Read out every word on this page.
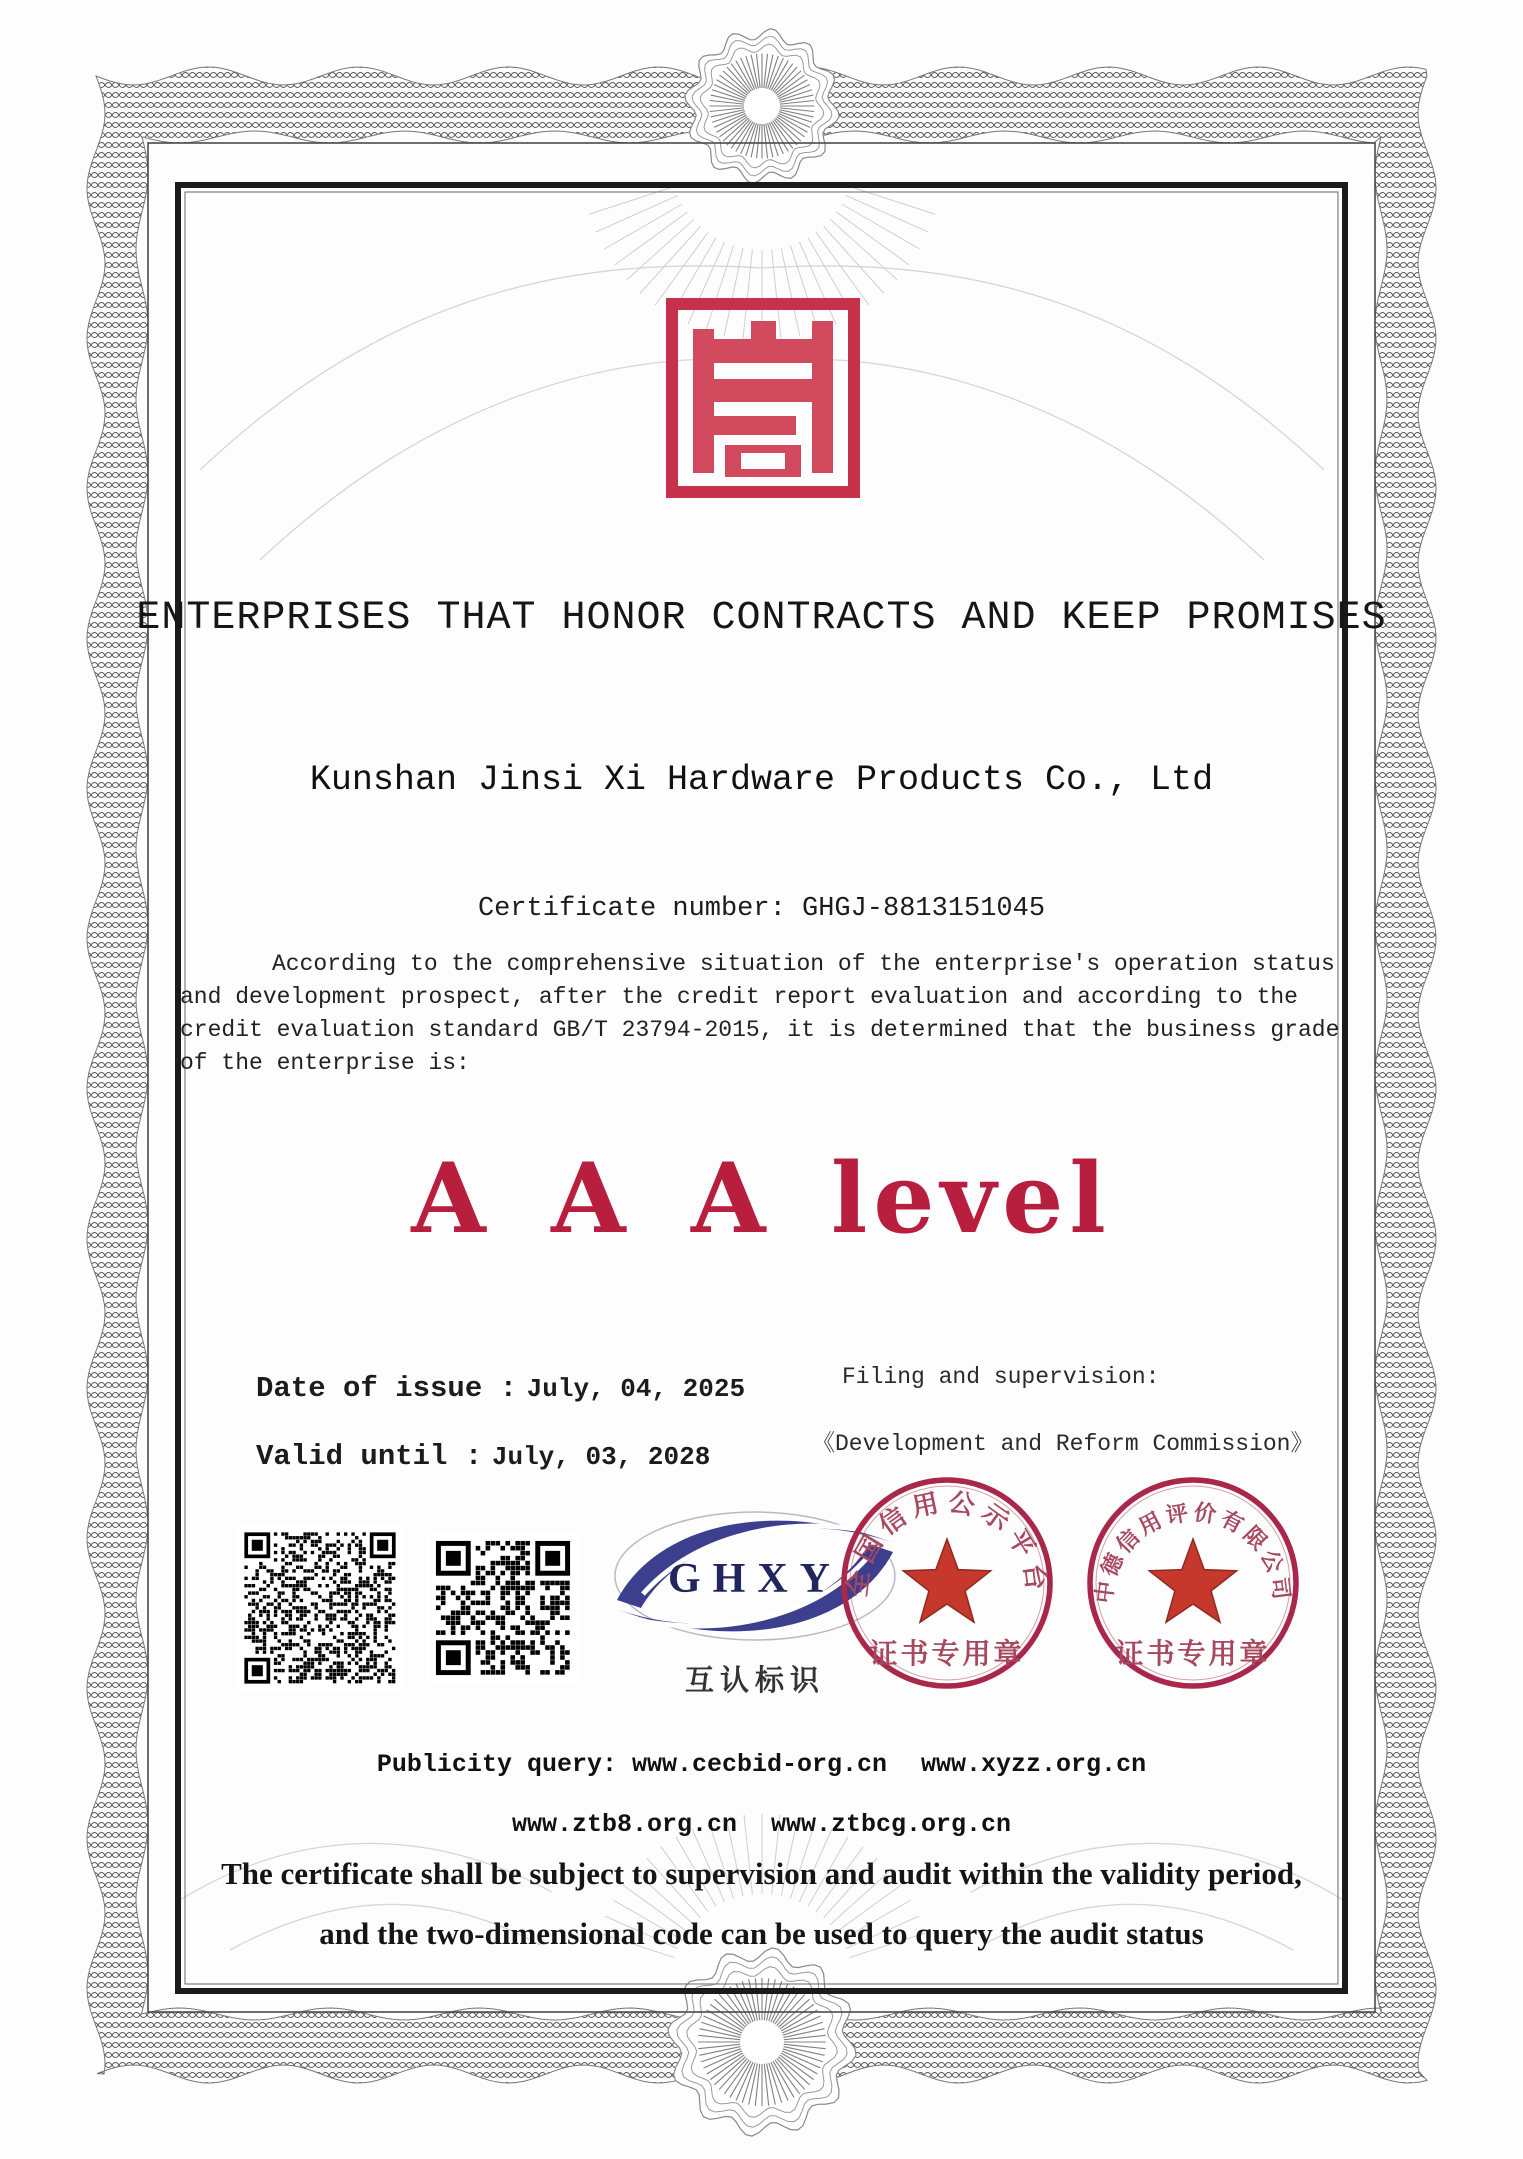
ENTERPRISES THAT HONOR CONTRACTS AND KEEP PROMISES
Kunshan Jinsi Xi Hardware Products Co., Ltd
Certificate number: GHGJ-8813151045
According to the comprehensive situation of the enterprise's operation status and development prospect, after the credit report evaluation and according to the credit evaluation standard GB/T 23794-2015, it is determined that the business grade of the enterprise is:
A A A level
Date of issue : July, 04, 2025
Valid until : July, 03, 2028
Filing and supervision:
《Development and Reform Commission》
GHXY
互认标识
全国信用公示平台
证书专用章
中德信用评价有限公司
证书专用章
Publicity query: www.cecbid-org.cn www.xyzz.org.cn
www.ztb8.org.cn www.ztbcg.org.cn
The certificate shall be subject to supervision and audit within the validity period,
and the two-dimensional code can be used to query the audit status
